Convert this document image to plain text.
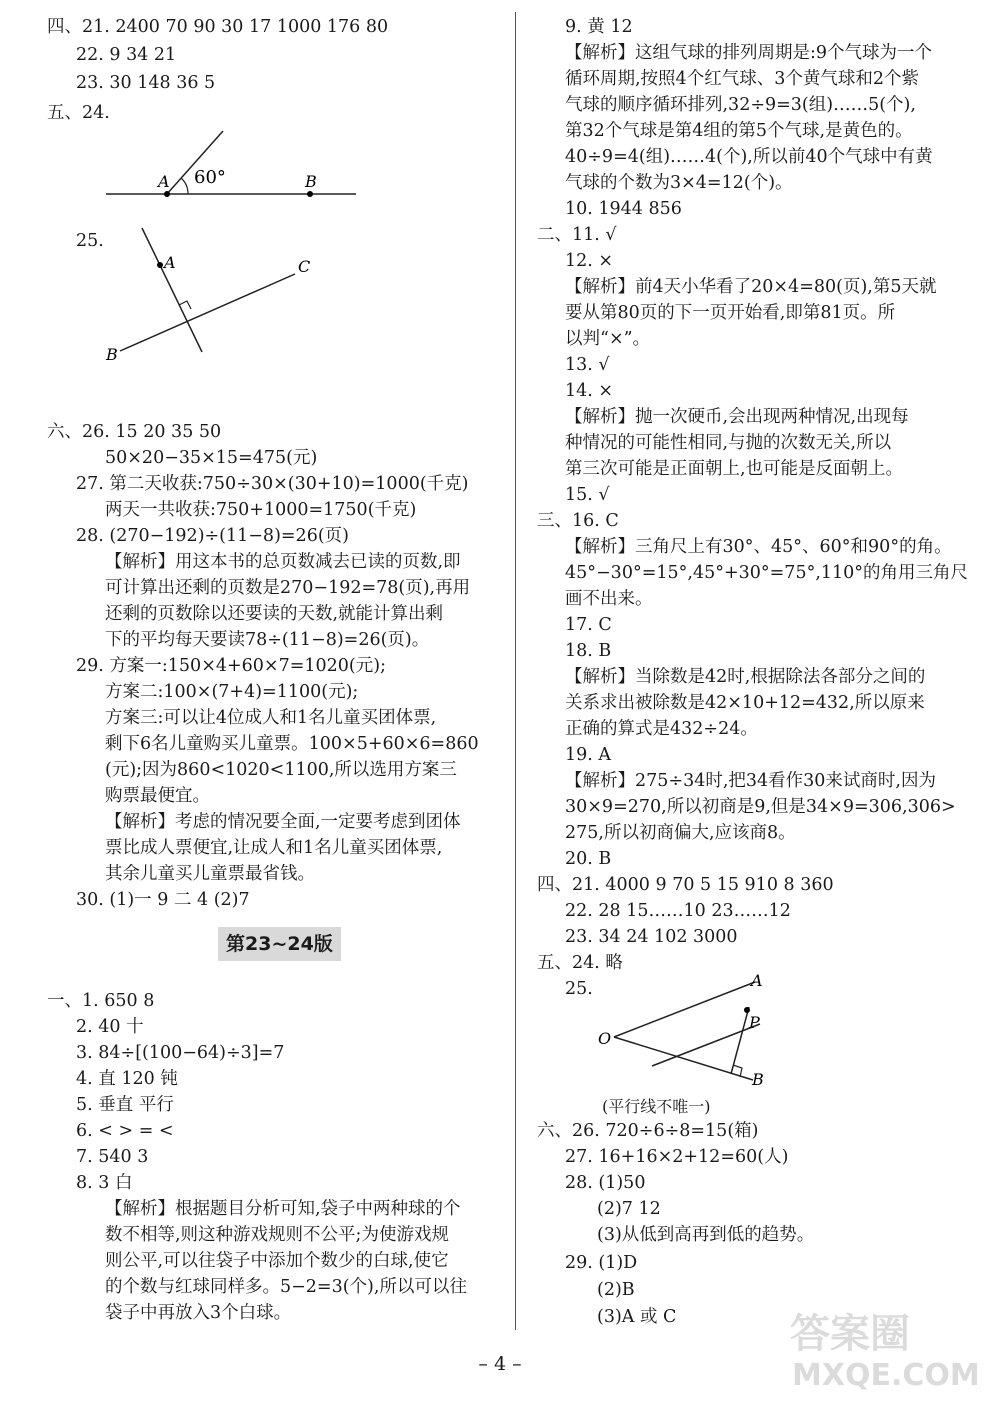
四、21. 2400 70 90 30 17 1000 176 80
22. 9 34 21
23. 30 148 36 5
五、24.
A	B
60°
25.
A
B
C
六、26. 15 20 35 50
50×20−35×15=475(元)
27. 第二天收获:750÷30×(30+10)=1000(千克)
两天一共收获:750+1000=1750(千克)
28. (270−192)÷(11−8)=26(页)
【解析】用这本书的总页数减去已读的页数,即
可计算出还剩的页数是270−192=78(页),再用
还剩的页数除以还要读的天数,就能计算出剩
下的平均每天要读78÷(11−8)=26(页)。
29. 方案一:150×4+60×7=1020(元);
方案二:100×(7+4)=1100(元);
方案三:可以让4位成人和1名儿童买团体票,
剩下6名儿童购买儿童票。100×5+60×6=860
(元);因为860<1020<1100,所以选用方案三
购票最便宜。
【解析】考虑的情况要全面,一定要考虑到团体
票比成人票便宜,让成人和1名儿童买团体票,
其余儿童买儿童票最省钱。
30. (1)一 9 二 4 (2)7
第23~24版
一、1. 650 8
2. 40 十
3. 84÷[(100−64)÷3]=7
4. 直 120 钝
5. 垂直 平行
6. < > = <
7. 540 3
8. 3 白
【解析】根据题目分析可知,袋子中两种球的个
数不相等,则这种游戏规则不公平;为使游戏规
则公平,可以往袋子中添加个数少的白球,使它
的个数与红球同样多。5−2=3(个),所以可以往
袋子中再放入3个白球。
9. 黄 12
【解析】这组气球的排列周期是:9个气球为一个
循环周期,按照4个红气球、3个黄气球和2个紫
气球的顺序循环排列,32÷9=3(组)……5(个),
第32个气球是第4组的第5个气球,是黄色的。
40÷9=4(组)……4(个),所以前40个气球中有黄
气球的个数为3×4=12(个)。
10. 1944 856
二、11. √
12. ×
【解析】前4天小华看了20×4=80(页),第5天就
要从第80页的下一页开始看,即第81页。所
以判“×”。
13. √
14. ×
【解析】抛一次硬币,会出现两种情况,出现每
种情况的可能性相同,与抛的次数无关,所以
第三次可能是正面朝上,也可能是反面朝上。
15. √
三、16. C
【解析】三角尺上有30°、45°、60°和90°的角。
45°−30°=15°,45°+30°=75°,110°的角用三角尺
画不出来。
17. C
18. B
【解析】当除数是42时,根据除法各部分之间的
关系求出被除数是42×10+12=432,所以原来
正确的算式是432÷24。
19. A
【解析】275÷34时,把34看作30来试商时,因为
30×9=270,所以初商是9,但是34×9=306,306>
275,所以初商偏大,应该商8。
20. B
四、21. 4000 9 70 5 15 910 8 360
22. 28 15……10 23……12
23. 34 24 102 3000
五、24. 略
25.	A
O
P
B
(平行线不唯一)
六、26. 720÷6÷8=15(箱)
27. 16+16×2+12=60(人)
28. (1)50
(2)7 12
(3)从低到高再到低的趋势。
29. (1)D
(2)B
(3)A 或 C
– 4 –
答案圈
MXQE.COM
